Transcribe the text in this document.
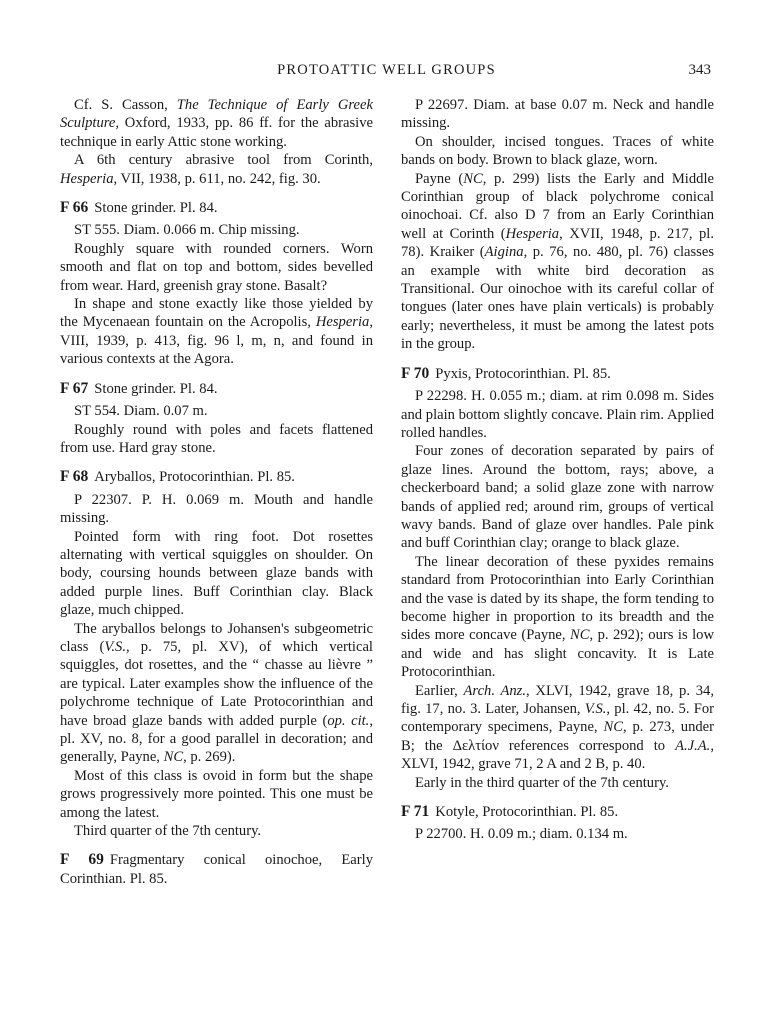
PROTOATTIC WELL GROUPS	343

Cf. S. Casson, The Technique of Early Greek Sculpture, Oxford, 1933, pp. 86 ff. for the abrasive technique in early Attic stone working.

A 6th century abrasive tool from Corinth, Hesperia, VII, 1938, p. 611, no. 242, fig. 30.

F 66 Stone grinder. Pl. 84.

ST 555. Diam. 0.066 m. Chip missing.

Roughly square with rounded corners. Worn smooth and flat on top and bottom, sides bevelled from wear. Hard, greenish gray stone. Basalt?

In shape and stone exactly like those yielded by the Mycenaean fountain on the Acropolis, Hesperia, VIII, 1939, p. 413, fig. 96 l, m, n, and found in various contexts at the Agora.

F 67 Stone grinder. Pl. 84.

ST 554. Diam. 0.07 m.

Roughly round with poles and facets flattened from use. Hard gray stone.

F 68 Aryballos, Protocorinthian. Pl. 85.

P 22307. P. H. 0.069 m. Mouth and handle missing.

Pointed form with ring foot. Dot rosettes alternating with vertical squiggles on shoulder. On body, coursing hounds between glaze bands with added purple lines. Buff Corinthian clay. Black glaze, much chipped.

The aryballos belongs to Johansen's subgeometric class (V.S., p. 75, pl. XV), of which vertical squiggles, dot rosettes, and the “ chasse au lièvre ” are typical. Later examples show the influence of the polychrome technique of Late Protocorinthian and have broad glaze bands with added purple (op. cit., pl. XV, no. 8, for a good parallel in decoration; and generally, Payne, NC, p. 269).

Most of this class is ovoid in form but the shape grows progressively more pointed. This one must be among the latest.

Third quarter of the 7th century.

F 69 Fragmentary conical oinochoe, Early Corinthian. Pl. 85.

P 22697. Diam. at base 0.07 m. Neck and handle missing.

On shoulder, incised tongues. Traces of white bands on body. Brown to black glaze, worn.

Payne (NC, p. 299) lists the Early and Middle Corinthian group of black polychrome conical oinochoai. Cf. also D 7 from an Early Corinthian well at Corinth (Hesperia, XVII, 1948, p. 217, pl. 78). Kraiker (Aigina, p. 76, no. 480, pl. 76) classes an example with white bird decoration as Transitional. Our oinochoe with its careful collar of tongues (later ones have plain verticals) is probably early; nevertheless, it must be among the latest pots in the group.

F 70 Pyxis, Protocorinthian. Pl. 85.

P 22298. H. 0.055 m.; diam. at rim 0.098 m. Sides and plain bottom slightly concave. Plain rim. Applied rolled handles.

Four zones of decoration separated by pairs of glaze lines. Around the bottom, rays; above, a checkerboard band; a solid glaze zone with narrow bands of applied red; around rim, groups of vertical wavy bands. Band of glaze over handles. Pale pink and buff Corinthian clay; orange to black glaze.

The linear decoration of these pyxides remains standard from Protocorinthian into Early Corinthian and the vase is dated by its shape, the form tending to become higher in proportion to its breadth and the sides more concave (Payne, NC, p. 292); ours is low and wide and has slight concavity. It is Late Protocorinthian.

Earlier, Arch. Anz., XLVI, 1942, grave 18, p. 34, fig. 17, no. 3. Later, Johansen, V.S., pl. 42, no. 5. For contemporary specimens, Payne, NC, p. 273, under B; the Δελτίον references correspond to A.J.A., XLVI, 1942, grave 71, 2 A and 2 B, p. 40.

Early in the third quarter of the 7th century.

F 71 Kotyle, Protocorinthian. Pl. 85.

P 22700. H. 0.09 m.; diam. 0.134 m.
